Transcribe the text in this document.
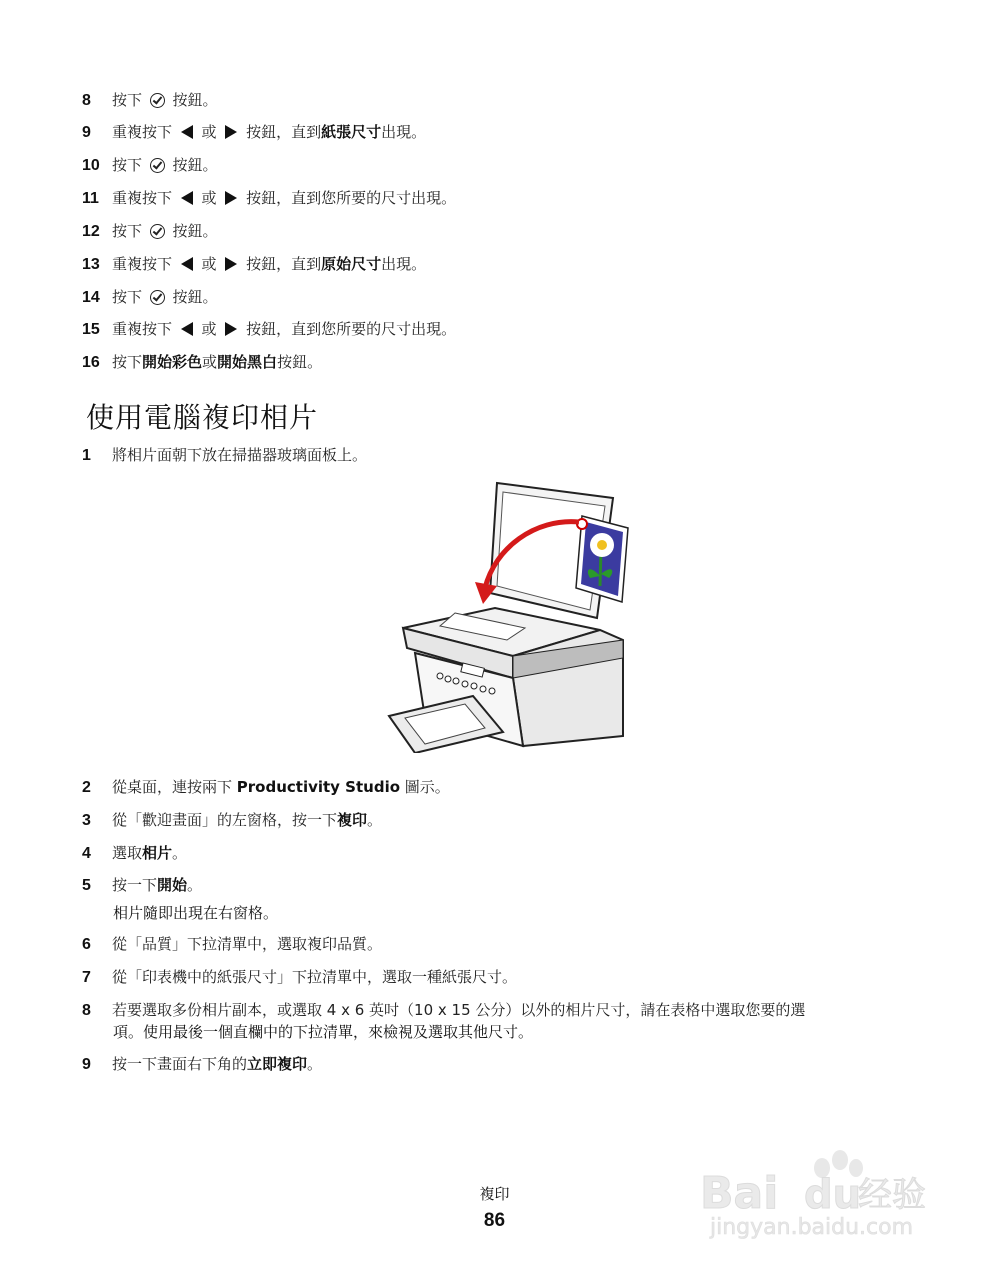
8 按下  按鈕。
9 重複按下  或  按鈕，直到紙張尺寸出現。
10 按下  按鈕。
11 重複按下  或  按鈕，直到您所要的尺寸出現。
12 按下  按鈕。
13 重複按下  或  按鈕，直到原始尺寸出現。
14 按下  按鈕。
15 重複按下  或  按鈕，直到您所要的尺寸出現。
16 按下開始彩色或開始黑白按鈕。
使用電腦複印相片
1 將相片面朝下放在掃描器玻璃面板上。
2 從桌面，連按兩下 Productivity Studio 圖示。
3 從「歡迎畫面」的左窗格，按一下複印。
4 選取相片。
5 按一下開始。
相片隨即出現在右窗格。
6 從「品質」下拉清單中，選取複印品質。
7 從「印表機中的紙張尺寸」下拉清單中，選取一種紙張尺寸。
8 若要選取多份相片副本，或選取 4 x 6 英吋（10 x 15 公分）以外的相片尺寸，請在表格中選取您要的選
項。使用最後一個直欄中的下拉清單，來檢視及選取其他尺寸。
9 按一下畫面右下角的立即複印。
複印
86
Bai du
经验
jingyan.baidu.com
